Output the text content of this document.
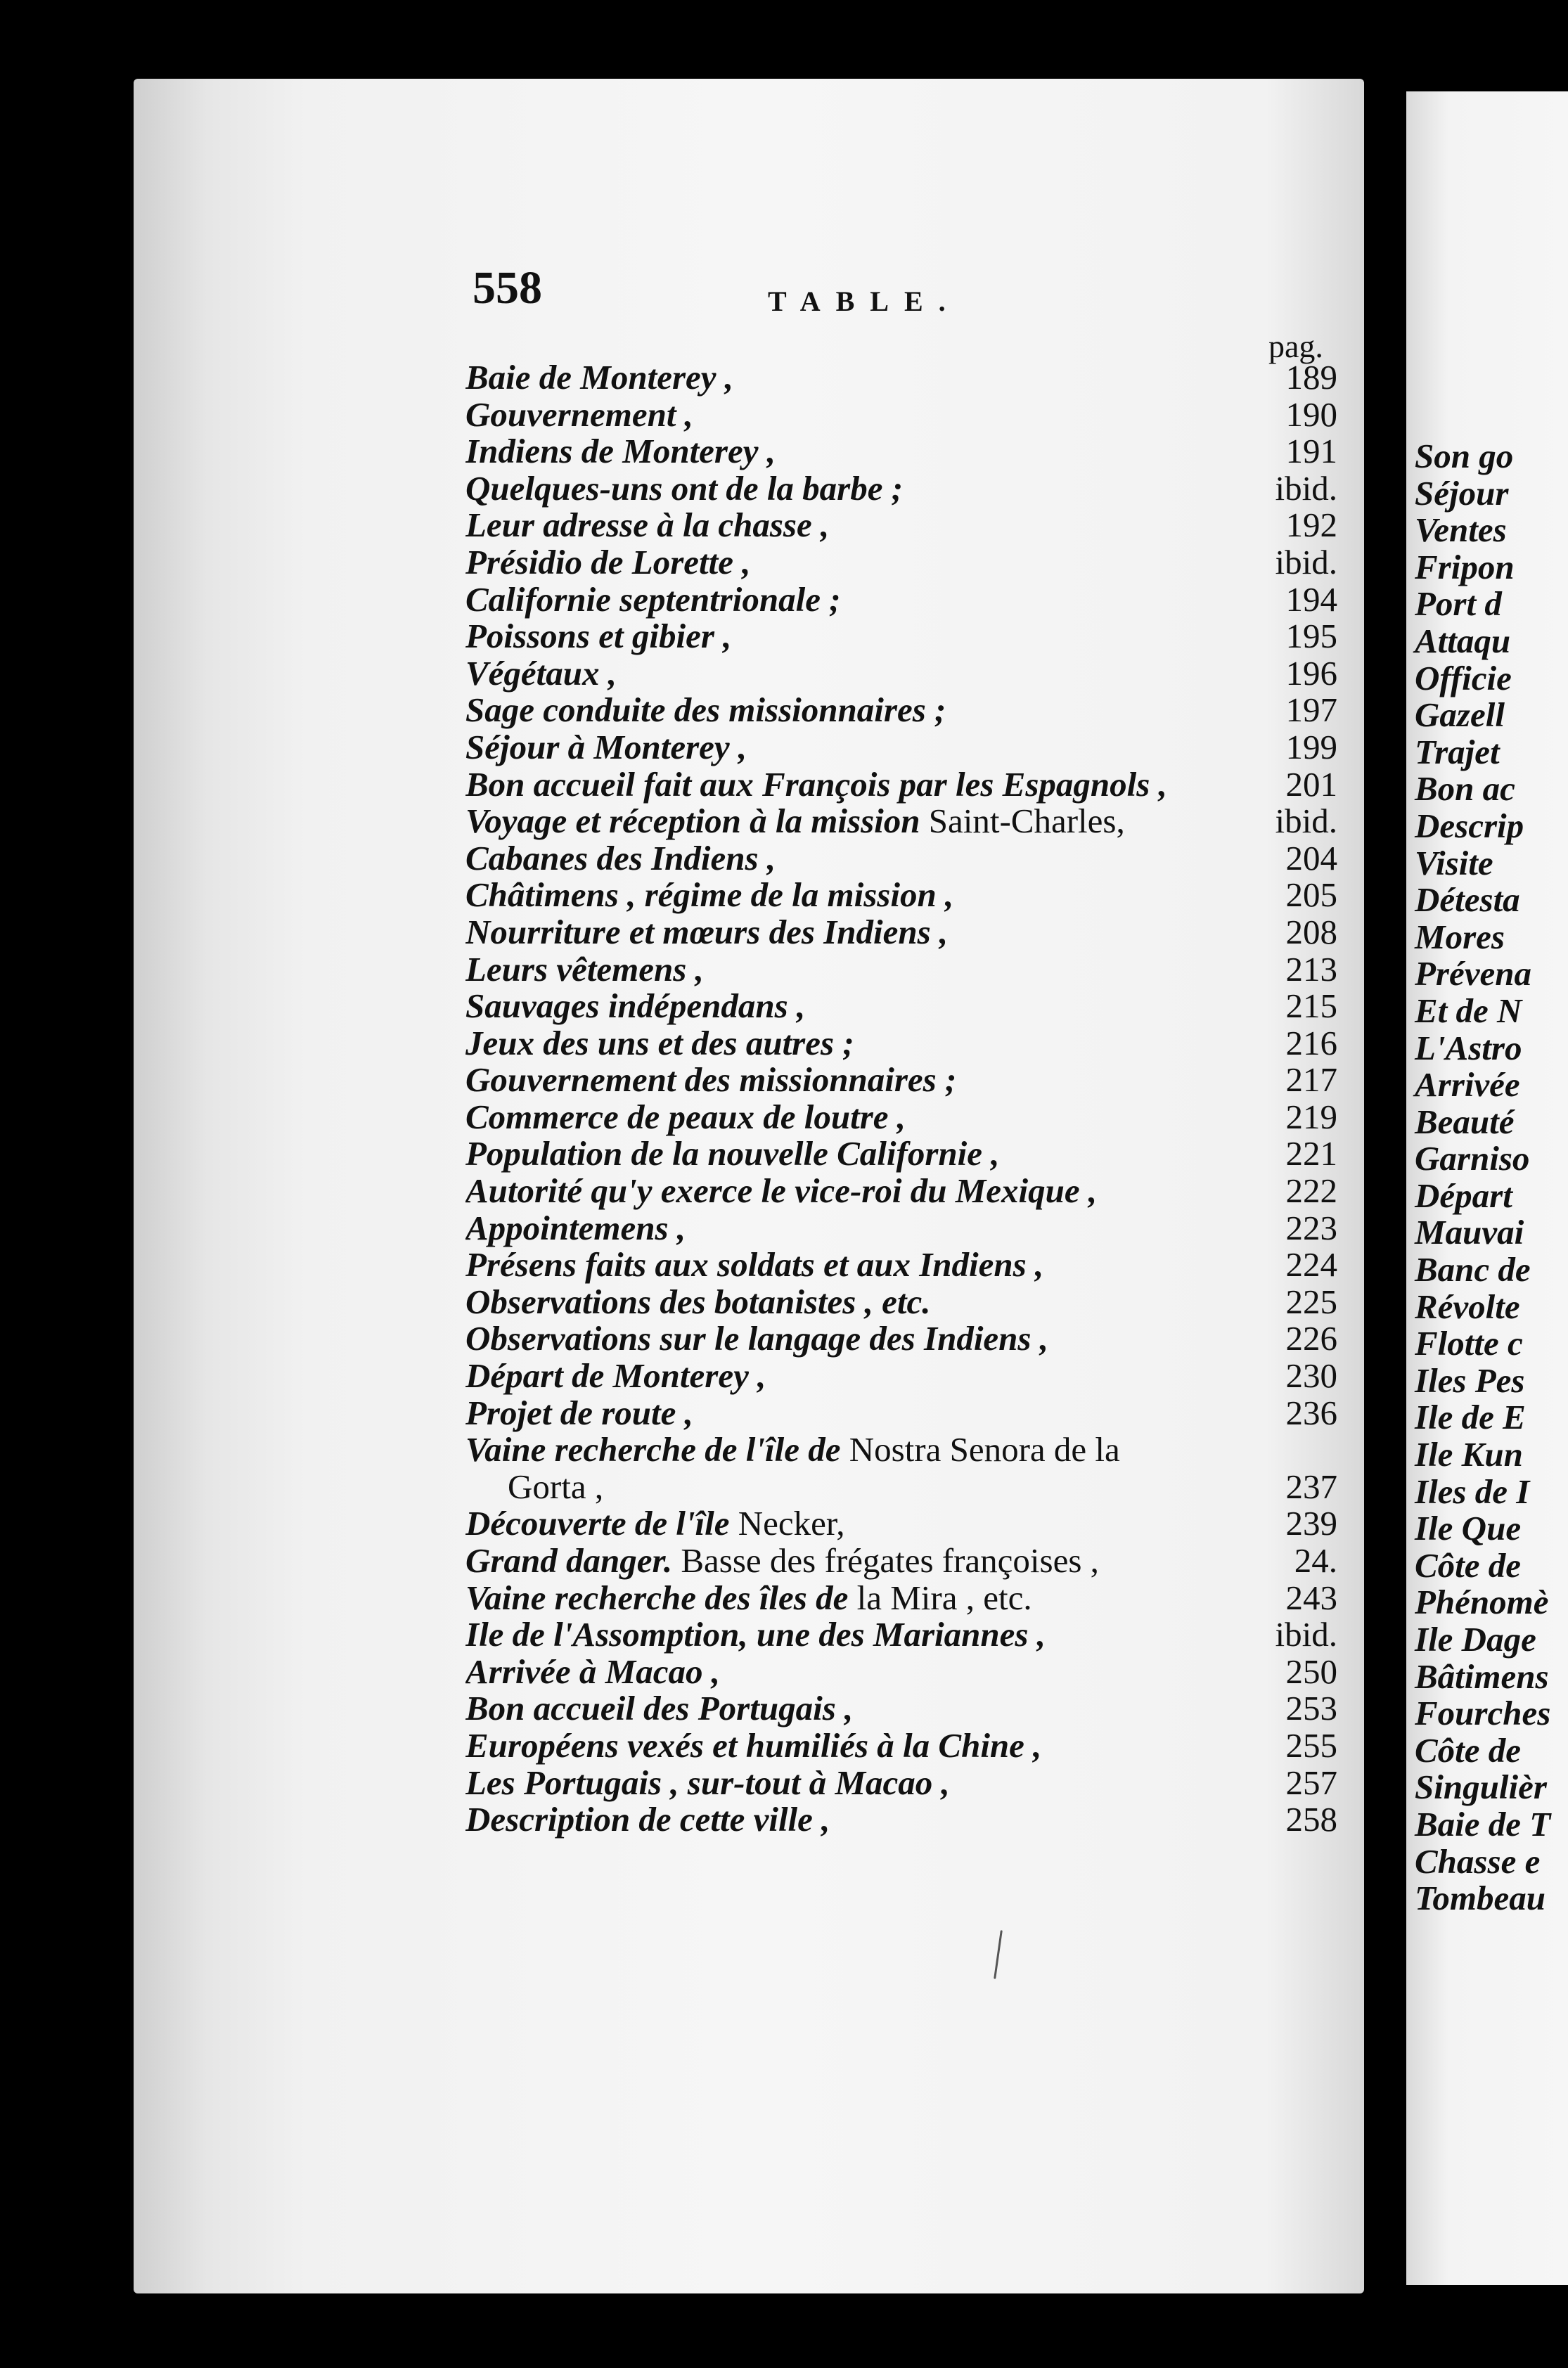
Son go
Séjour
Ventes
Fripon
Port d
Attaqu
Officie
Gazell
Trajet
Bon ac
Descrip
Visite
Détesta
Mores
Prévena
Et de N
L'Astro
Arrivée
Beauté
Garniso
Départ
Mauvai
Banc de
Révolte
Flotte c
Iles Pes
Ile de E
Ile Kun
Iles de I
Ile Que
Côte de
Phénomè
Ile Dage
Bâtimens
Fourches
Côte de
Singulièr
Baie de T
Chasse e
Tombeau
558	TABLE.
pag.
Baie de Monterey ,	189
Gouvernement ,	190
Indiens de Monterey ,	191
Quelques-uns ont de la barbe ;	ibid.
Leur adresse à la chasse ,	192
Présidio de Lorette ,	ibid.
Californie septentrionale ;	194
Poissons et gibier ,	195
Végétaux ,	196
Sage conduite des missionnaires ;	197
Séjour à Monterey ,	199
Bon accueil fait aux François par les Espagnols ,	201
Voyage et réception à la mission Saint-Charles,	ibid.
Cabanes des Indiens ,	204
Châtimens , régime de la mission ,	205
Nourriture et mœurs des Indiens ,	208
Leurs vêtemens ,	213
Sauvages indépendans ,	215
Jeux des uns et des autres ;	216
Gouvernement des missionnaires ;	217
Commerce de peaux de loutre ,	219
Population de la nouvelle Californie ,	221
Autorité qu'y exerce le vice-roi du Mexique ,	222
Appointemens ,	223
Présens faits aux soldats et aux Indiens ,	224
Observations des botanistes , etc.	225
Observations sur le langage des Indiens ,	226
Départ de Monterey ,	230
Projet de route ,	236
Vaine recherche de l'île de Nostra Senora de la
Gorta ,	237
Découverte de l'île Necker,	239
Grand danger. Basse des frégates françoises ,	24.
Vaine recherche des îles de la Mira , etc.	243
Ile de l'Assomption, une des Mariannes ,	ibid.
Arrivée à Macao ,	250
Bon accueil des Portugais ,	253
Européens vexés et humiliés à la Chine ,	255
Les Portugais , sur-tout à Macao ,	257
Description de cette ville ,	258
